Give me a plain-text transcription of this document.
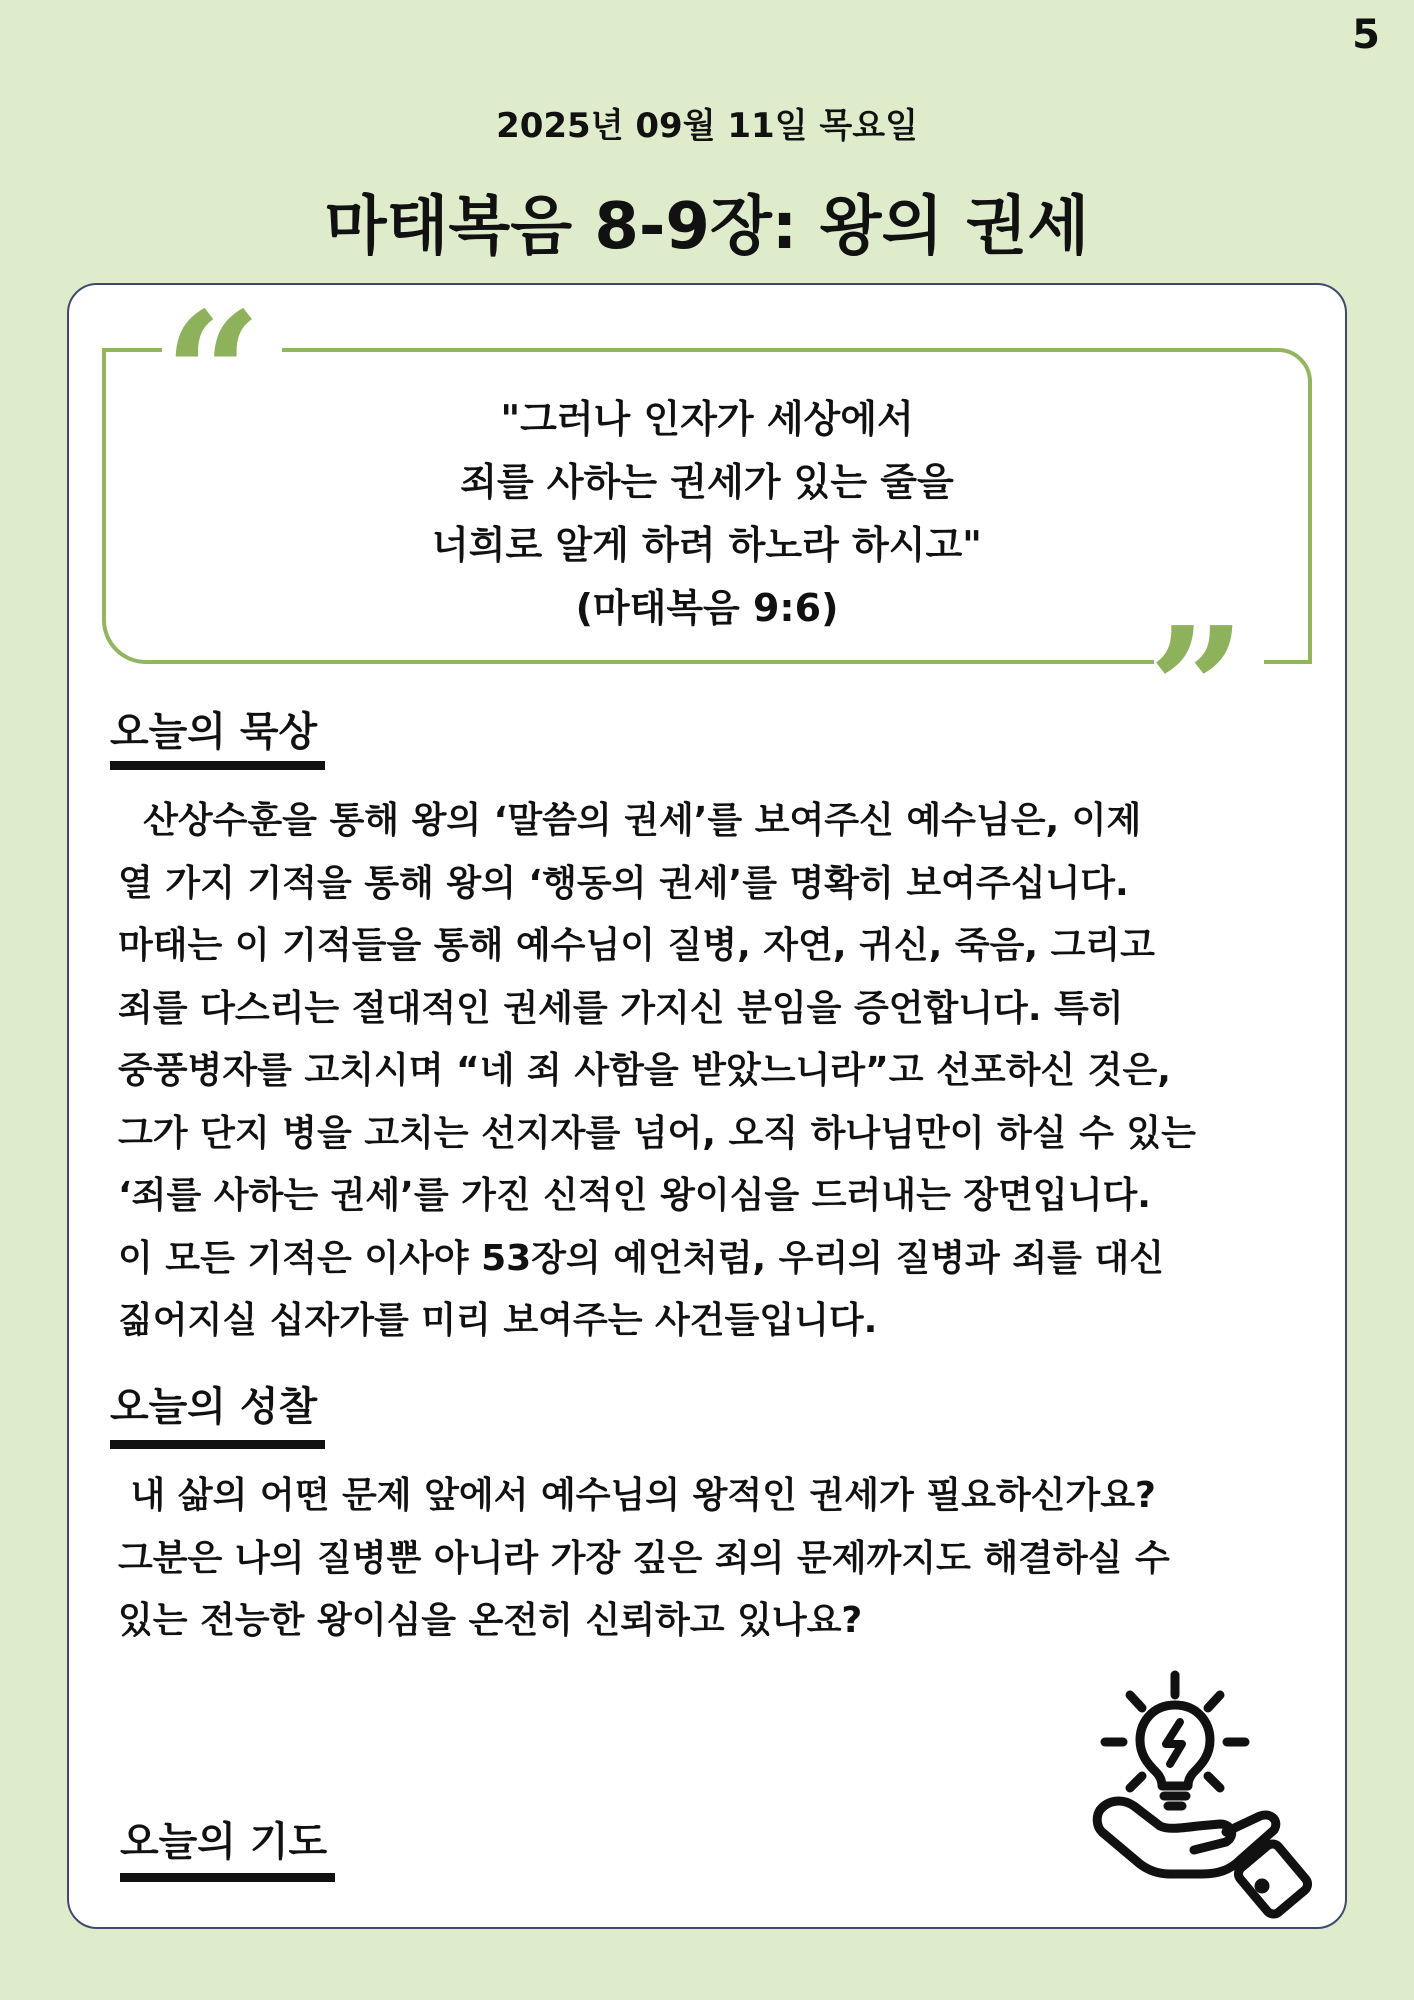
5
2025년 09월 11일 목요일
마태복음 8-9장: 왕의 권세
“
”
"그러나 인자가 세상에서
죄를 사하는 권세가 있는 줄을
너희로 알게 하려 하노라 하시고"
(마태복음 9:6)
오늘의 묵상
산상수훈을 통해 왕의 ‘말씀의 권세’를 보여주신 예수님은, 이제
열 가지 기적을 통해 왕의 ‘행동의 권세’를 명확히 보여주십니다.
마태는 이 기적들을 통해 예수님이 질병, 자연, 귀신, 죽음, 그리고
죄를 다스리는 절대적인 권세를 가지신 분임을 증언합니다. 특히
중풍병자를 고치시며 “네 죄 사함을 받았느니라”고 선포하신 것은,
그가 단지 병을 고치는 선지자를 넘어, 오직 하나님만이 하실 수 있는
‘죄를 사하는 권세’를 가진 신적인 왕이심을 드러내는 장면입니다.
이 모든 기적은 이사야 53장의 예언처럼, 우리의 질병과 죄를 대신
짊어지실 십자가를 미리 보여주는 사건들입니다.
오늘의 성찰
내 삶의 어떤 문제 앞에서 예수님의 왕적인 권세가 필요하신가요?
그분은 나의 질병뿐 아니라 가장 깊은 죄의 문제까지도 해결하실 수
있는 전능한 왕이심을 온전히 신뢰하고 있나요?
오늘의 기도
